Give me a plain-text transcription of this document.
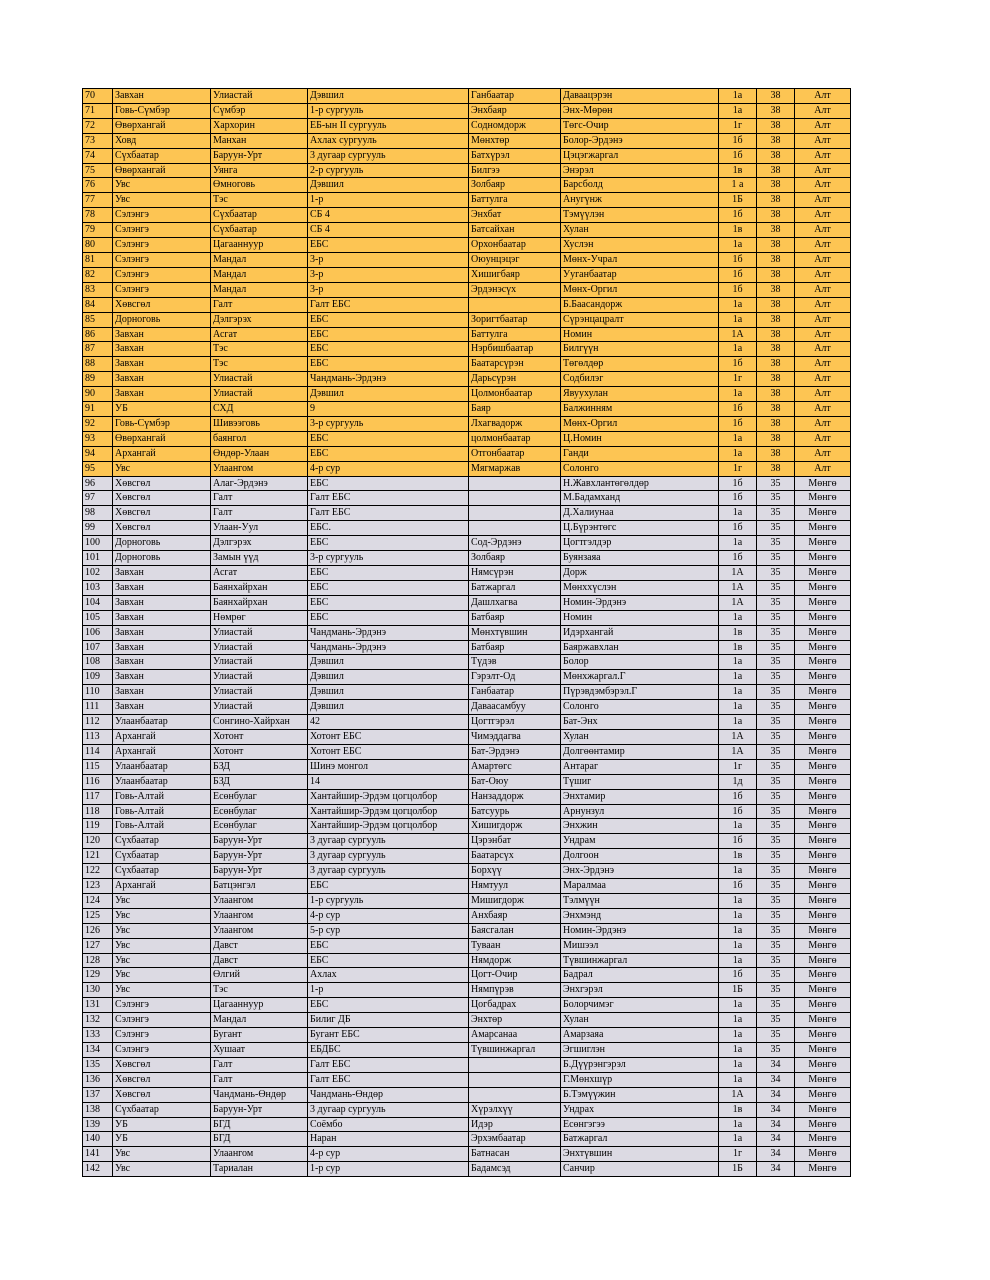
70	Завхан	Улиастай	Дэвшил	Ганбаатар	Даваацэрэн	1а	38	Алт
71	Говь-Сүмбэр	Сүмбэр	1-р сургууль	Энхбаяр	Энх-Мөрөн	1а	38	Алт
72	Өвөрхангай	Хархорин	ЕБ-ын II сургууль	Содномдорж	Төгс-Очир	1г	38	Алт
73	Ховд	Манхан	Ахлах сургууль	Мөнхтөр	Болор-Эрдэнэ	1б	38	Алт
74	Сүхбаатар	Баруун-Урт	3 дугаар сургууль	Батхүрэл	Цэцэгжаргал	1б	38	Алт
75	Өвөрхангай	Уянга	2-р сургууль	Билгээ	Энэрэл	1в	38	Алт
76	Увс	Өмноговь	Дэвшил	Золбаяр	Барсболд	1 а	38	Алт
77	Увс	Тэс	1-р	Баттулга	Анугүнж	1Б	38	Алт
78	Сэлэнгэ	Сүхбаатар	СБ 4	Энхбат	Тэмүүлэн	1б	38	Алт
79	Сэлэнгэ	Сүхбаатар	СБ 4	Батсайхан	Хулан	1в	38	Алт
80	Сэлэнгэ	Цагааннуур	ЕБС	Орхонбаатар	Хуслэн	1а	38	Алт
81	Сэлэнгэ	Мандал	3-р	Оюунцэцэг	Мөнх-Учрал	1б	38	Алт
82	Сэлэнгэ	Мандал	3-р	Хишигбаяр	Ууганбаатар	1б	38	Алт
83	Сэлэнгэ	Мандал	3-р	Эрдэнэсүх	Мөнх-Оргил	1б	38	Алт
84	Хөвсгөл	Галт	Галт ЕБС		Б.Баасандорж	1а	38	Алт
85	Дорноговь	Дэлгэрэх	ЕБС	Зоригтбаатар	Сүрэнцацралт	1а	38	Алт
86	Завхан	Асгат	ЕБС	Баттулга	Номин	1А	38	Алт
87	Завхан	Тэс	ЕБС	Нэрбишбаатар	Билгүүн	1а	38	Алт
88	Завхан	Тэс	ЕБС	Баатарсүрэн	Төгөлдөр	1б	38	Алт
89	Завхан	Улиастай	Чандмань-Эрдэнэ	Дарьсүрэн	Содбилэг	1г	38	Алт
90	Завхан	Улиастай	Дэвшил	Цолмонбаатар	Явуухулан	1а	38	Алт
91	УБ	СХД	9	Баяр	Балжинням	1б	38	Алт
92	Говь-Сүмбэр	Шивээговь	3-р сургууль	Лхагвадорж	Мөнх-Оргил	1б	38	Алт
93	Өвөрхангай	баянгол	ЕБС	цолмонбаатар	Ц.Номин	1а	38	Алт
94	Архангай	Өндөр-Улаан	ЕБС	Отгонбаатар	Ганди	1а	38	Алт
95	Увс	Улаангом	4-р сур	Мягмаржав	Солонго	1г	38	Алт
96	Хөвсгөл	Алаг-Эрдэнэ	ЕБС		Н.Жавхлантөгөлдөр	1б	35	Мөнгө
97	Хөвсгөл	Галт	Галт ЕБС		М.Бадамханд	1б	35	Мөнгө
98	Хөвсгөл	Галт	Галт ЕБС		Д.Халиунаа	1а	35	Мөнгө
99	Хөвсгөл	Улаан-Уул	ЕБС.		Ц.Бүрэнтөгс	1б	35	Мөнгө
100	Дорноговь	Дэлгэрэх	ЕБС	Сод-Эрдэнэ	Цогтгэлдэр	1а	35	Мөнгө
101	Дорноговь	Замын үүд	3-р сургууль	Золбаяр	Буянзаяа	1б	35	Мөнгө
102	Завхан	Асгат	ЕБС	Нямсүрэн	Дорж	1А	35	Мөнгө
103	Завхан	Баянхайрхан	ЕБС	Батжаргал	Мөнххүслэн	1А	35	Мөнгө
104	Завхан	Баянхайрхан	ЕБС	Дашлхагва	Номин-Эрдэнэ	1А	35	Мөнгө
105	Завхан	Нөмрөг	ЕБС	Батбаяр	Номин	1а	35	Мөнгө
106	Завхан	Улиастай	Чандмань-Эрдэнэ	Мөнхтүвшин	Идэрхангай	1в	35	Мөнгө
107	Завхан	Улиастай	Чандмань-Эрдэнэ	Батбаяр	Баяржавхлан	1в	35	Мөнгө
108	Завхан	Улиастай	Дэвшил	Түдэв	Болор	1а	35	Мөнгө
109	Завхан	Улиастай	Дэвшил	Гэрэлт-Од	Мөнхжаргал.Г	1а	35	Мөнгө
110	Завхан	Улиастай	Дэвшил	Ганбаатар	Пүрэвдэмбэрэл.Г	1а	35	Мөнгө
111	Завхан	Улиастай	Дэвшил	Даваасамбуу	Солонго	1а	35	Мөнгө
112	Улаанбаатар	Сонгино-Хайрхан	42	Цогтгэрэл	Бат-Энх	1а	35	Мөнгө
113	Архангай	Хотонт	Хотонт ЕБС	Чимэддагва	Хулан	1А	35	Мөнгө
114	Архангай	Хотонт	Хотонт ЕБС	Бат-Эрдэнэ	Долгөөнтамир	1А	35	Мөнгө
115	Улаанбаатар	БЗД	Шинэ монгол	Амартөгс	Антараг	1г	35	Мөнгө
116	Улаанбаатар	БЗД	14	Бат-Оюу	Түшиг	1д	35	Мөнгө
117	Говь-Алтай	Есөнбулаг	Хантайшир-Эрдэм цогцолбор	Нанзаддорж	Энхтамир	1б	35	Мөнгө
118	Говь-Алтай	Есөнбулаг	Хантайшир-Эрдэм цогцолбор	Батсуурь	Арнунзул	1б	35	Мөнгө
119	Говь-Алтай	Есөнбулаг	Хантайшир-Эрдэм цогцолбор	Хишигдорж	Энхжин	1а	35	Мөнгө
120	Сүхбаатар	Баруун-Урт	3 дугаар сургууль	Цэрэнбат	Ундрам	1б	35	Мөнгө
121	Сүхбаатар	Баруун-Урт	3 дугаар сургууль	Баатарсүх	Долгоон	1в	35	Мөнгө
122	Сүхбаатар	Баруун-Урт	3 дугаар сургууль	Борхүү	Энх-Эрдэнэ	1а	35	Мөнгө
123	Архангай	Батцэнгэл	ЕБС	Нямтуул	Маралмаа	1б	35	Мөнгө
124	Увс	Улаангом	1-р сургууль	Мишигдорж	Тэлмүүн	1а	35	Мөнгө
125	Увс	Улаангом	4-р сур	Анхбаяр	Энхмэнд	1а	35	Мөнгө
126	Увс	Улаангом	5-р сур	Баясгалан	Номин-Эрдэнэ	1а	35	Мөнгө
127	Увс	Давст	ЕБС	Туваан	Мишээл	1а	35	Мөнгө
128	Увс	Давст	ЕБС	Нямдорж	Түвшинжаргал	1а	35	Мөнгө
129	Увс	Өлгий	Ахлах	Цогт-Очир	Бадрал	1б	35	Мөнгө
130	Увс	Тэс	1-р	Нямпүрэв	Энхгэрэл	1Б	35	Мөнгө
131	Сэлэнгэ	Цагааннуур	ЕБС	Цогбадрах	Болорчимэг	1а	35	Мөнгө
132	Сэлэнгэ	Мандал	Билиг ДБ	Энхтөр	Хулан	1а	35	Мөнгө
133	Сэлэнгэ	Бугант	Бугант ЕБС	Амарсанаа	Амарзаяа	1а	35	Мөнгө
134	Сэлэнгэ	Хушаат	ЕБДБС	Түвшинжаргал	Эгшиглэн	1а	35	Мөнгө
135	Хөвсгөл	Галт	Галт ЕБС		Б.Дүүрэнгэрэл	1а	34	Мөнгө
136	Хөвсгөл	Галт	Галт ЕБС		Г.Мөнхшүр	1а	34	Мөнгө
137	Хөвсгөл	Чандмань-Өндөр	Чандмань-Өндөр		Б.Тэмүүжин	1А	34	Мөнгө
138	Сүхбаатар	Баруун-Урт	3 дугаар сургууль	Хүрэлхүү	Ундрах	1в	34	Мөнгө
139	УБ	БГД	Соёмбо	Идэр	Есөнгэгээ	1а	34	Мөнгө
140	УБ	БГД	Наран	Эрхэмбаатар	Батжаргал	1а	34	Мөнгө
141	Увс	Улаангом	4-р сур	Батнасан	Энхтүвшин	1г	34	Мөнгө
142	Увс	Тариалан	1-р сур	Бадамсэд	Санчир	1Б	34	Мөнгө
